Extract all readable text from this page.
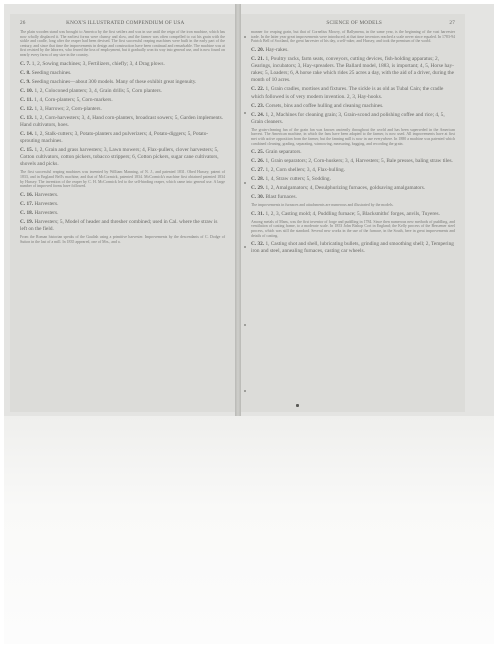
26	KNOX'S ILLUSTRATED COMPENDIUM OF USA

The plain wooden stand was brought to America by the first settlers and was in use until the reign of the iron machine, which has now wholly displaced it. The earliest forms were clumsy and slow, and the farmer was often compelled to cut his grain with the sickle and cradle, long after the reaper had been devised. The first successful reaping machines were built in the early part of the century, and since that time the improvements in design and construction have been continual and remarkable. The machine was at first resisted by the laborers, who feared the loss of employment, but it gradually won its way into general use, and is now found on nearly every farm of any size in the country.

C. 7. 1, 2, Sowing machines; 3, Fertilizers, chiefly; 3, 4 Drag plows.

C. 8. Seeding machines.

C. 9. Seeding machines—about 300 models. Many of these exhibit great ingenuity.

C. 10. 1, 2, Coloconed planters; 3, 4, Grain drills; 5, Corn planters.

C. 11. 1, 4, Corn-planters; 5, Corn-markers.

C. 12. 1, 3, Harrows; 2, Corn-planters.

C. 13. 1, 2, Corn-harvesters; 3, 4, Hand corn-planters, broadcast sowers; 5, Garden implements. Hand cultivators, hoes.

C. 14. 1, 2, Stalk-cutters; 3, Potato-planters and pulverizers; 4, Potato-diggers; 5, Potato-sprouting machines.

C. 15. 1, 2, Grain and grass harvesters; 3, Lawn mowers; 4, Flax-pullers, clover harvesters; 5, Cotton cultivators, cotton pickers, tobacco strippers; 6, Cotton pickers, sugar cane cultivators, shovels and picks.

The first successful reaping machines was invented by William Manning, of N. J., and patented 1831. Obed Hussey, patent of 1833, and in England Bell's machine, and that of McCormick, patented 1834. McCormick's machine first obtained patented 1834 by Hussey. The invention of the reaper by C. H. McCormick led to the self-binding reaper, which came into general use. A large number of improved forms have followed.

C. 16. Harvesters.

C. 17. Harvesters.

C. 18. Harvesters.

C. 19. Harvesters; 5, Model of header and thresher combined; used in Cal. where the straw is left on the field.

From the Roman historian speaks of the Gaulish using a primitive harvester. Improvements by the descendants of C. Dodge of Sutton in the last of a mill. In 1835 appeared, one of Mrs., and a.

SCIENCE OF MODELS	27

manner for reaping grain, but that of Cornelius Mowry, of Ballymena, in the same year, is the beginning of the vast harvester trade. In the latter year great improvements were introduced; at that time inventors reached a scale never since equaled. In 1783-94 Patrick Bell of Scotland, the great harvester of his day, a self-raker, and Hussey, and took the premium of the world.

C. 20. Hay-rakes.

C. 21. 1, Poultry racks, farm seats, conveyors, cutting devices, fish-holding apparatus; 2, Gearings, incubators; 3, Hay-spreaders. The Ballard model, 1883, is important; 4, 5, Horse hay-rakes; 5, Loaders; 6, A horse rake which rides 25 acres a day, with the aid of a driver, during the month of 10 acres.

C. 22. 1, Grain cradles, mortises and fixtures. The sickle is as old as Tubal Cain; the cradle which followed is of very modern invention. 2, 3, Hay-hooks.

C. 23. Corsets, bins and coffee hulling and cleaning machines.

C. 24. 1, 2, Machines for cleaning grain; 3, Grain-scond and polishing coffee and rice; 4, 5, Grain cleaners.

The grain-cleaning fan of the grain fan was known anciently throughout the world and has been superseded in the American harvest. The American machine, in which the fans have been adapted to the farmer, is now used. All improvements have at first met with active opposition from the farmer, but the fanning mill is now in use everywhere. In 1880 a machine was patented which combined cleaning, grading, separating, winnowing, measuring, bagging, and recording the grain.

C. 25. Grain separators.

C. 26. 1, Grain separators; 2, Corn-huskers; 3, 4, Harvesters; 5, Bale presses, baling straw tiles.

C. 27. 1, 2, Corn shellers; 3, 4, Flax-hulling.

C. 28. 1, 4, Straw cutters; 5, Sodding.

C. 29. 1, 2, Amalgamators; 4, Desulphurizing furnaces, goldsaving amalgamators.

C. 30. Blast furnaces.

The improvements in furnaces and attachments are numerous and illustrated by the models.

C. 31. 1, 2, 3, Casting mold; 4, Puddling furnace; 5, Blacksmiths' forges, anvils, Tuyeres.

Among metals of Mans, was the first inventor of forge and puddling in 1784. Since then numerous new methods of puddling, and ventilation of casting frame, to a moderate scale. In 1853 John Bishop Cort in England; the Kelly process of the Bessemer steel process, which was still the standard. Several new works in the use of the furnace, in the South, here in great improvements and details of casting.

C. 32. 1, Casting shot and shell, lubricating bullets, grinding and smoothing shell; 2, Tempering iron and steel, annealing furnaces, casting car wheels.
